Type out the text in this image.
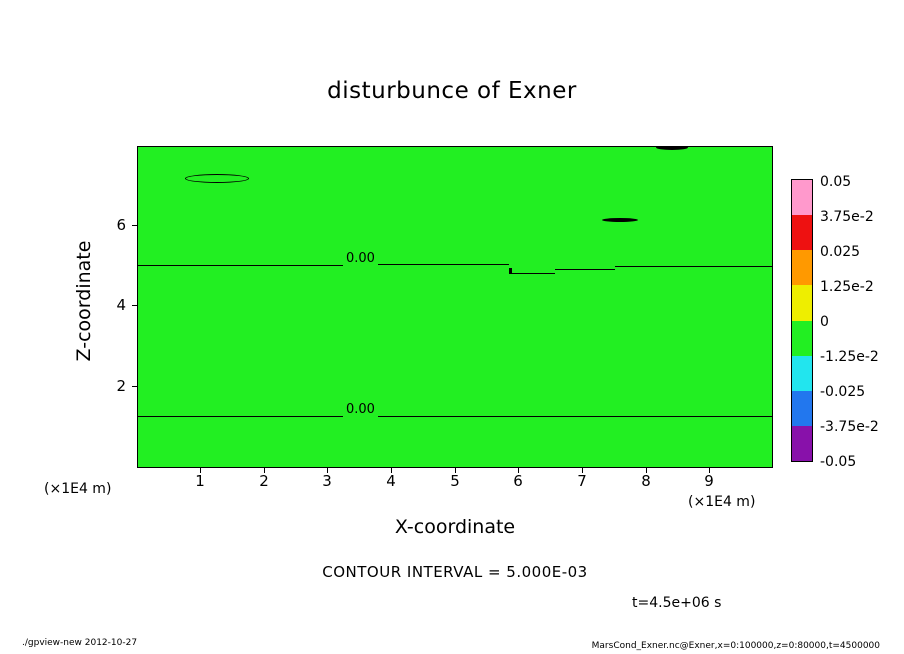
disturbunce of Exner
0.00
0.00
1	2	3	4	5	6	7	8	9
2
4
6
Z-coordinate
X-coordinate
(×1E4 m)
(×1E4 m)
CONTOUR INTERVAL = 5.000E-03
t=4.5e+06 s
0.05
3.75e-2
0.025
1.25e-2
0
-1.25e-2
-0.025
-3.75e-2
-0.05
./gpview-new 2012-10-27	MarsCond_Exner.nc@Exner,x=0:100000,z=0:80000,t=4500000
